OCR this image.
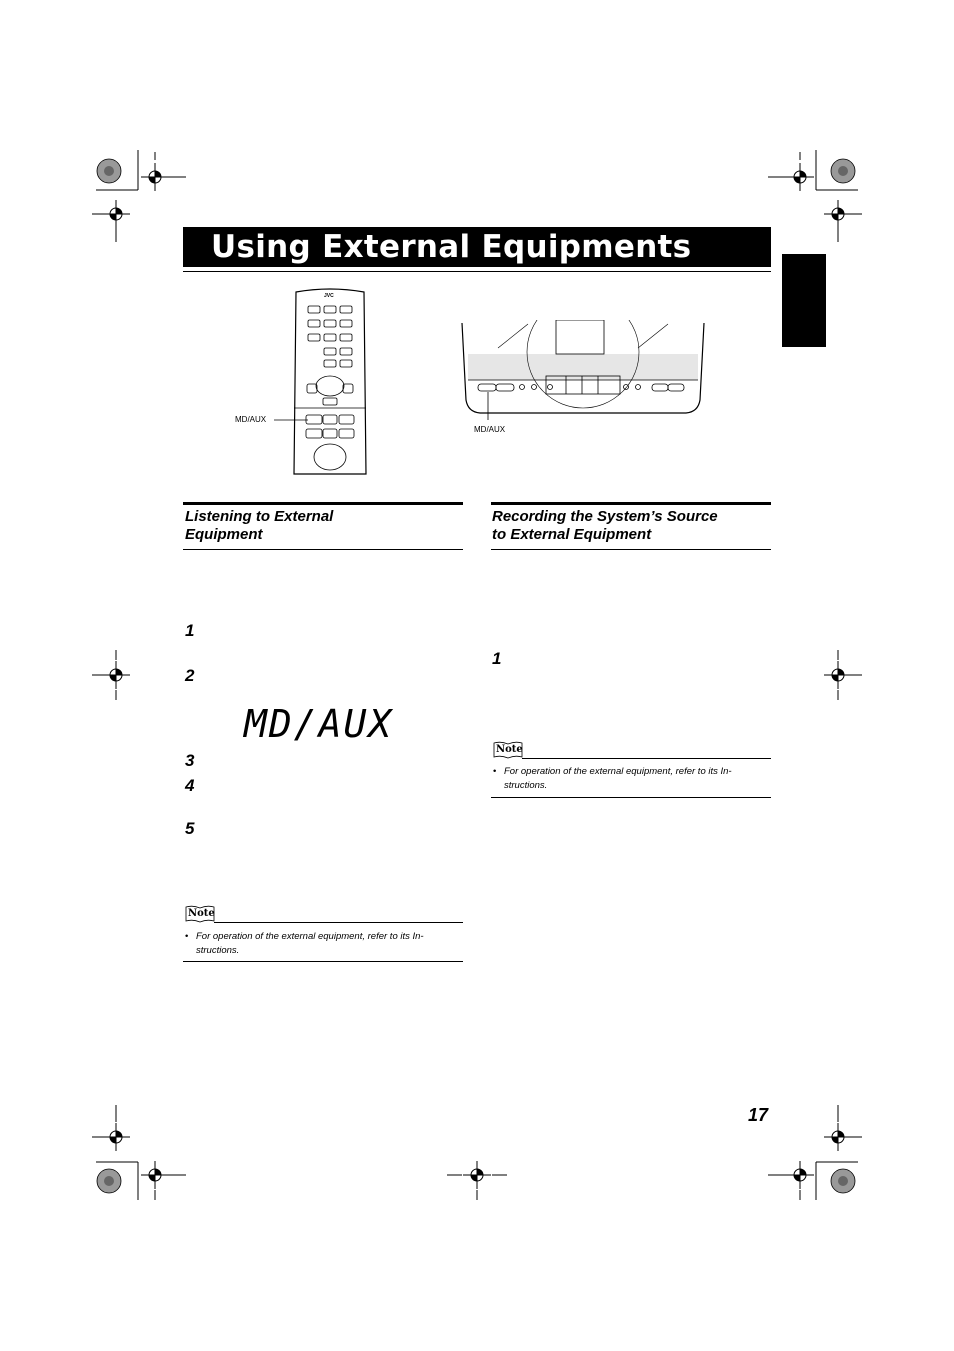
Using External Equipments
JVC
MD/AUX
MD/AUX
Listening to External
Equipment
1
2
MD/AUX
3
4
5
Note
• For operation of the external equipment, refer to its In-
structions.
Recording the System’s Source
to External Equipment
1
Note
• For operation of the external equipment, refer to its In-
structions.
17
